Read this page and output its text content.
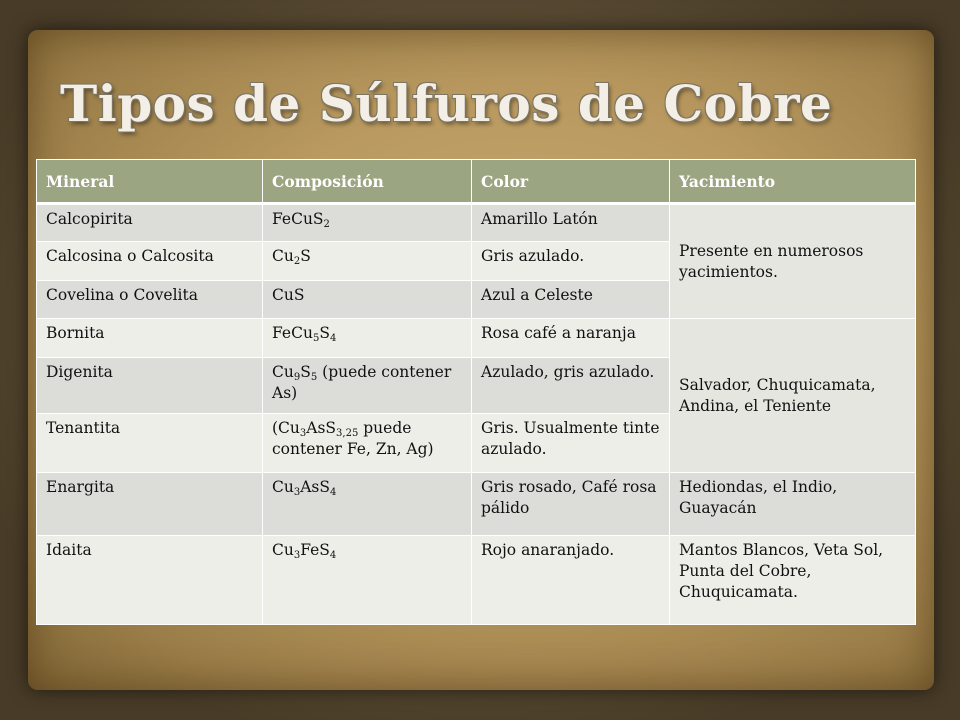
Tipos de Súlfuros de Cobre
Mineral	Composición	Color	Yacimiento
Calcopirita	FeCuS$_2$	Amarillo Latón	Presente en numerosos yacimientos.
Calcosina o Calcosita	$Cu_2S$	Gris azulado.	
Covelina o Covelita	CuS	Azul a Celeste	
Bornita	$FeCu_5S_4$	Rosa café a naranja	Salvador, Chuquicamata, Andina, el Teniente
Digenita	$Cu_9S_5$ (puede contener As)	Azulado, gris azulado.	
Tenantita	($Cu_3AsS_{3,25}$ puede contener Fe, Zn, Ag)	Gris. Usualmente tinte azulado.	
Enargita	$Cu_3AsS_4$	Gris rosado, Café rosa pálido	Hediondas, el Indio, Guayacán
Idaita	$Cu_3FeS_4$	Rojo anaranjado.	Mantos Blancos, Veta Sol, Punta del Cobre, Chuquicamata.
